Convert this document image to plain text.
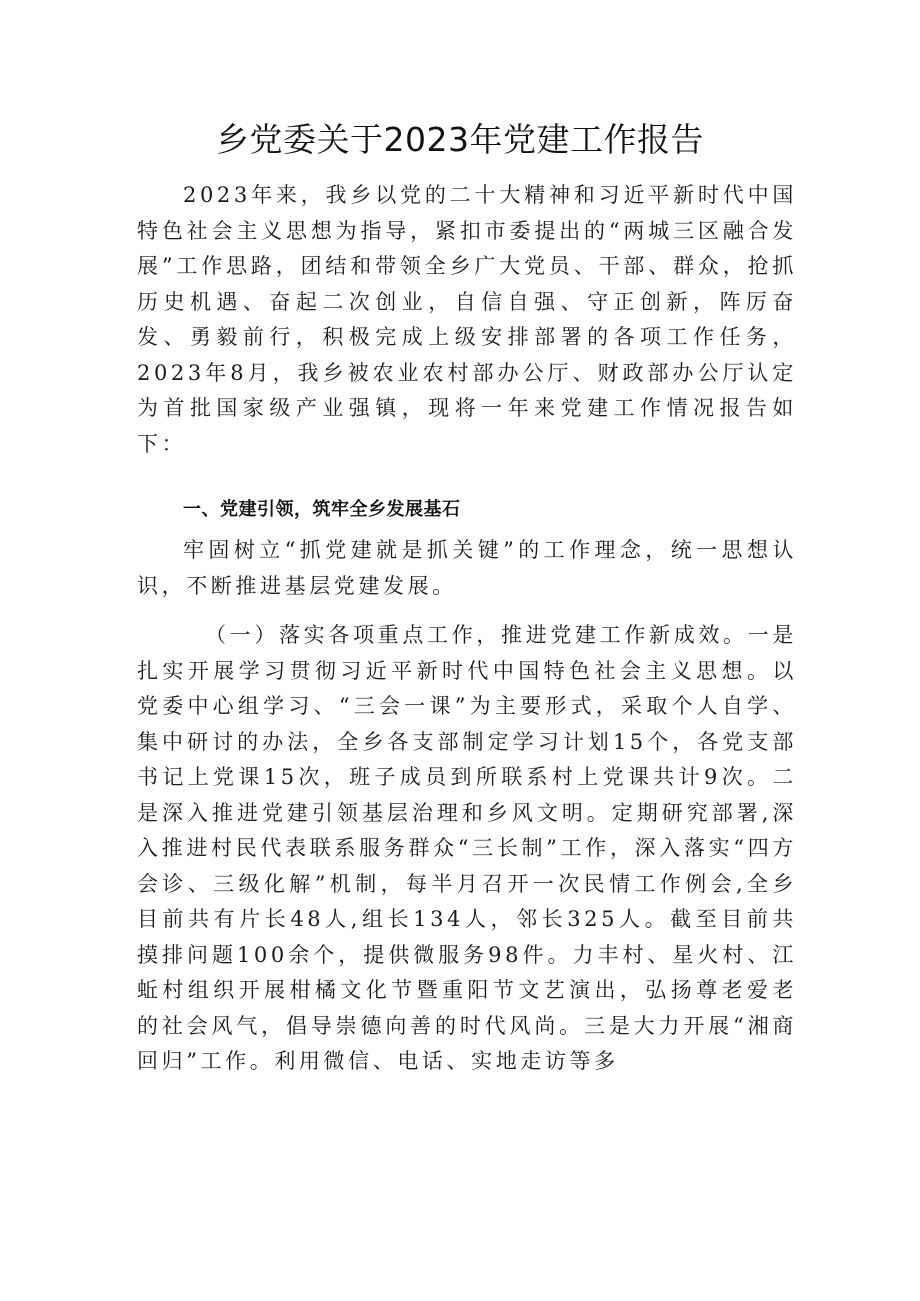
乡党委关于2023年党建工作报告

2023年来，我乡以党的二十大精神和习近平新时代中国特色社会主义思想为指导，紧扣市委提出的“两城三区融合发展”工作思路，团结和带领全乡广大党员、干部、群众，抢抓历史机遇、奋起二次创业，自信自强、守正创新，阵厉奋发、勇毅前行，积极完成上级安排部署的各项工作任务，2023年8月，我乡被农业农村部办公厅、财政部办公厅认定为首批国家级产业强镇，现将一年来党建工作情况报告如下：

一、党建引领，筑牢全乡发展基石

牢固树立“抓党建就是抓关键”的工作理念，统一思想认识，不断推进基层党建发展。

（一）落实各项重点工作，推进党建工作新成效。一是扎实开展学习贯彻习近平新时代中国特色社会主义思想。以党委中心组学习、“三会一课”为主要形式，采取个人自学、集中研讨的办法，全乡各支部制定学习计划15个，各党支部书记上党课15次，班子成员到所联系村上党课共计9次。二是深入推进党建引领基层治理和乡风文明。定期研究部署,深入推进村民代表联系服务群众“三长制”工作，深入落实“四方会诊、三级化解”机制，每半月召开一次民情工作例会,全乡目前共有片长48人,组长134人，邻长325人。截至目前共摸排问题100余个，提供微服务98件。力丰村、星火村、江蚯村组织开展柑橘文化节暨重阳节文艺演出，弘扬尊老爱老的社会风气，倡导崇德向善的时代风尚。三是大力开展“湘商回归”工作。利用微信、电话、实地走访等多
